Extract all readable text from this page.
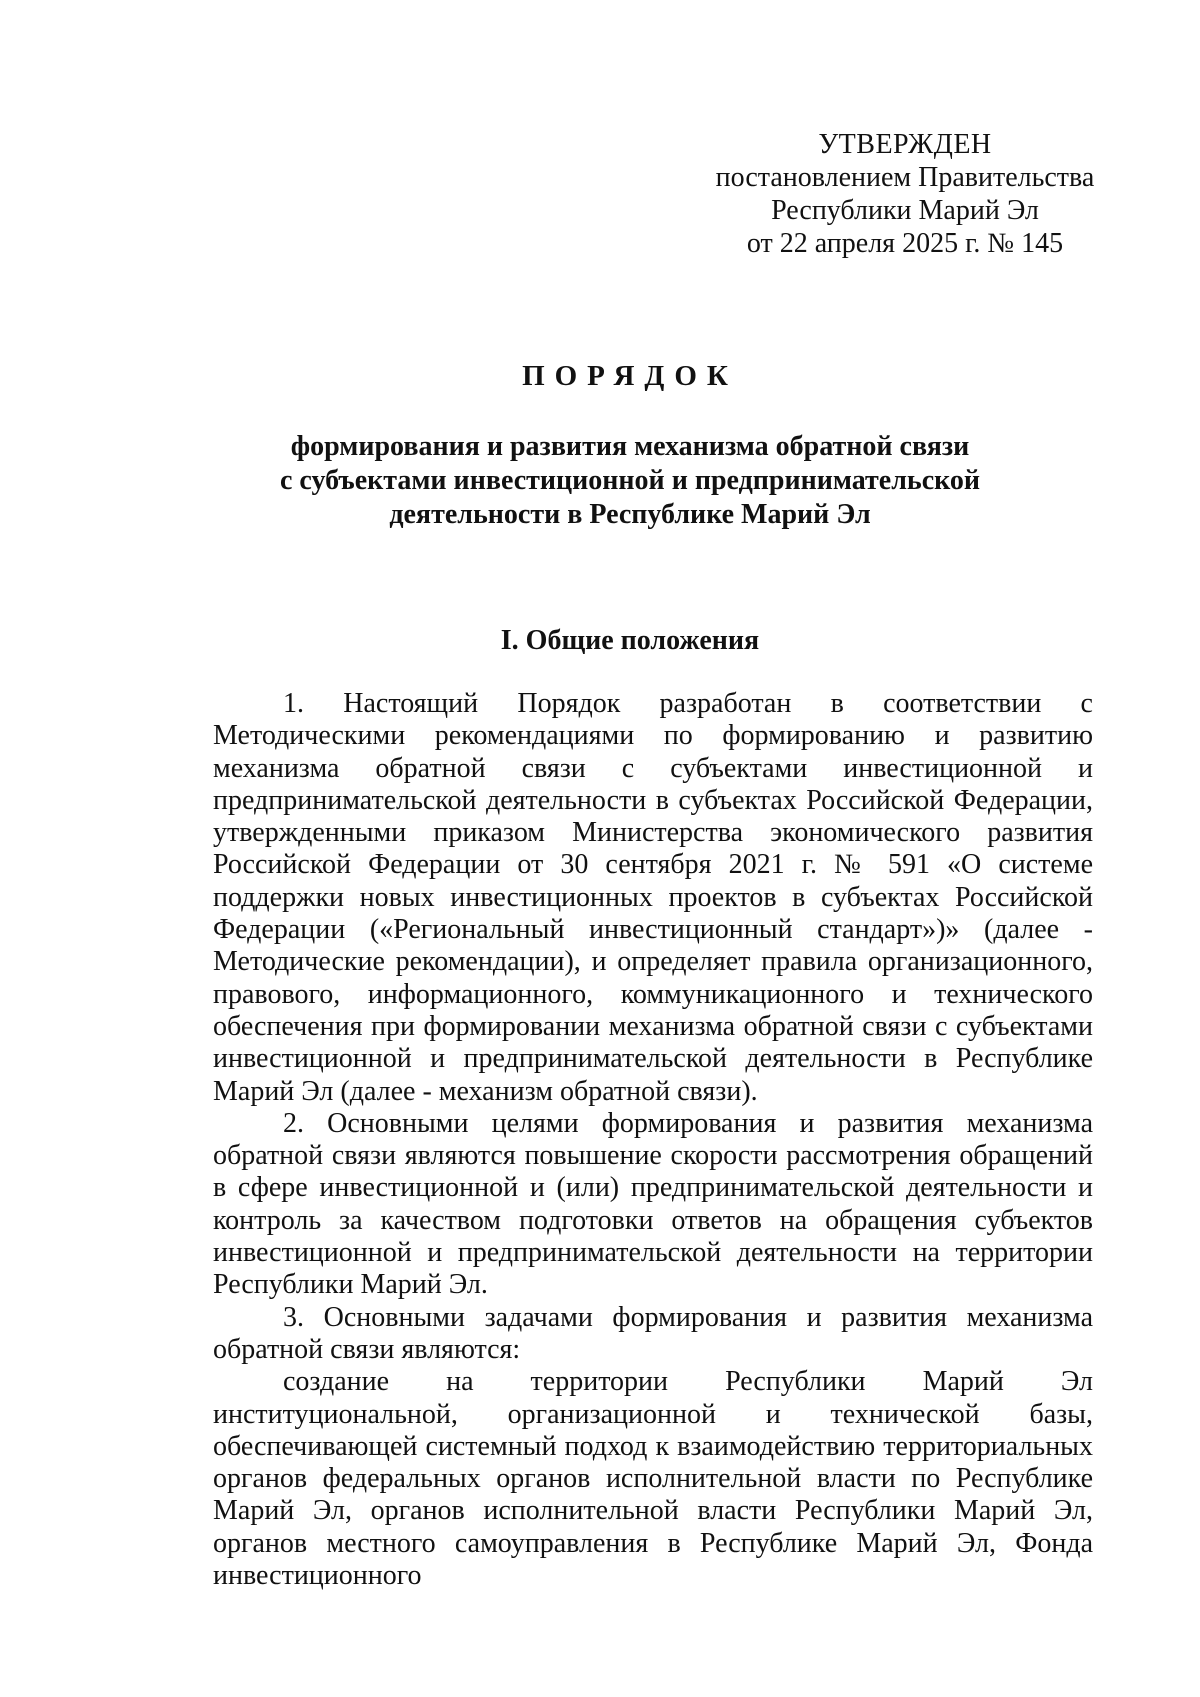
УТВЕРЖДЕН
постановлением Правительства
Республики Марий Эл
от 22 апреля 2025 г. № 145
ПОРЯДОК
формирования и развития механизма обратной связи
с субъектами инвестиционной и предпринимательской
деятельности в Республике Марий Эл
I. Общие положения

1. Настоящий Порядок разработан в соответствии с Методическими рекомендациями по формированию и развитию механизма обратной связи с субъектами инвестиционной и предпринимательской деятельности в субъектах Российской Федерации, утвержденными приказом Министерства экономического развития Российской Федерации от 30 сентября 2021 г. № 591 «О системе поддержки новых инвестиционных проектов в субъектах Российской Федерации («Региональный инвестиционный стандарт»)» (далее - Методические рекомендации), и определяет правила организационного, правового, информационного, коммуникационного и технического обеспечения при формировании механизма обратной связи с субъектами инвестиционной и предпринимательской деятельности в Республике Марий Эл (далее - механизм обратной связи).

2. Основными целями формирования и развития механизма обратной связи являются повышение скорости рассмотрения обращений в сфере инвестиционной и (или) предпринимательской деятельности и контроль за качеством подготовки ответов на обращения субъектов инвестиционной и предпринимательской деятельности на территории Республики Марий Эл.

3. Основными задачами формирования и развития механизма обратной связи являются:

создание на территории Республики Марий Эл институциональной, организационной и технической базы, обеспечивающей системный подход к взаимодействию территориальных органов федеральных органов исполнительной власти по Республике Марий Эл, органов исполнительной власти Республики Марий Эл, органов местного самоуправления в Республике Марий Эл, Фонда инвестиционного
